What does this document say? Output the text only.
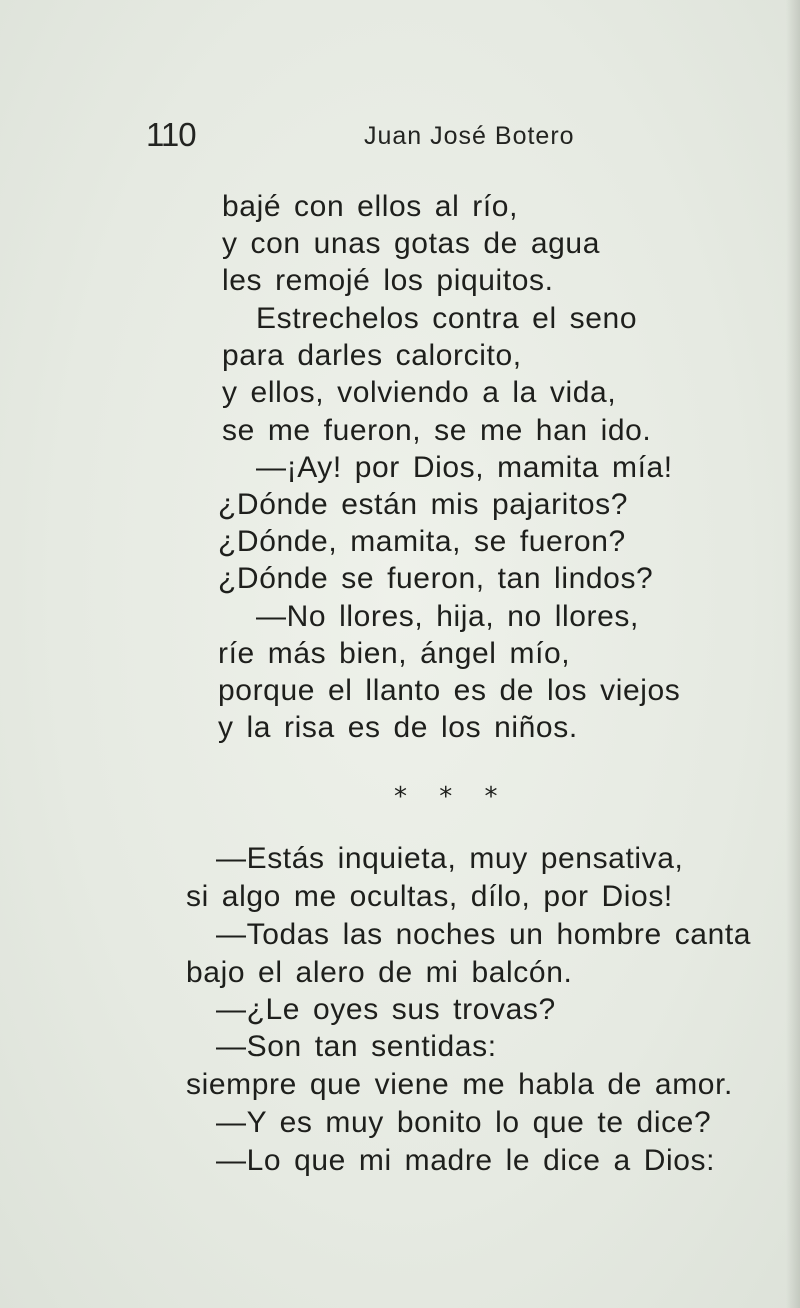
110	Juan José Botero
bajé con ellos al río,
y con unas gotas de agua
les remojé los piquitos.
Estrechelos contra el seno
para darles calorcito,
y ellos, volviendo a la vida,
se me fueron, se me han ido.
—¡Ay! por Dios, mamita mía!
¿Dónde están mis pajaritos?
¿Dónde, mamita, se fueron?
¿Dónde se fueron, tan lindos?
—No llores, hija, no llores,
ríe más bien, ángel mío,
porque el llanto es de los viejos
y la risa es de los niños.
* * *
—Estás inquieta, muy pensativa,
si algo me ocultas, dílo, por Dios!
—Todas las noches un hombre canta
bajo el alero de mi balcón.
—¿Le oyes sus trovas?
—Son tan sentidas:
siempre que viene me habla de amor.
—Y es muy bonito lo que te dice?
—Lo que mi madre le dice a Dios:
